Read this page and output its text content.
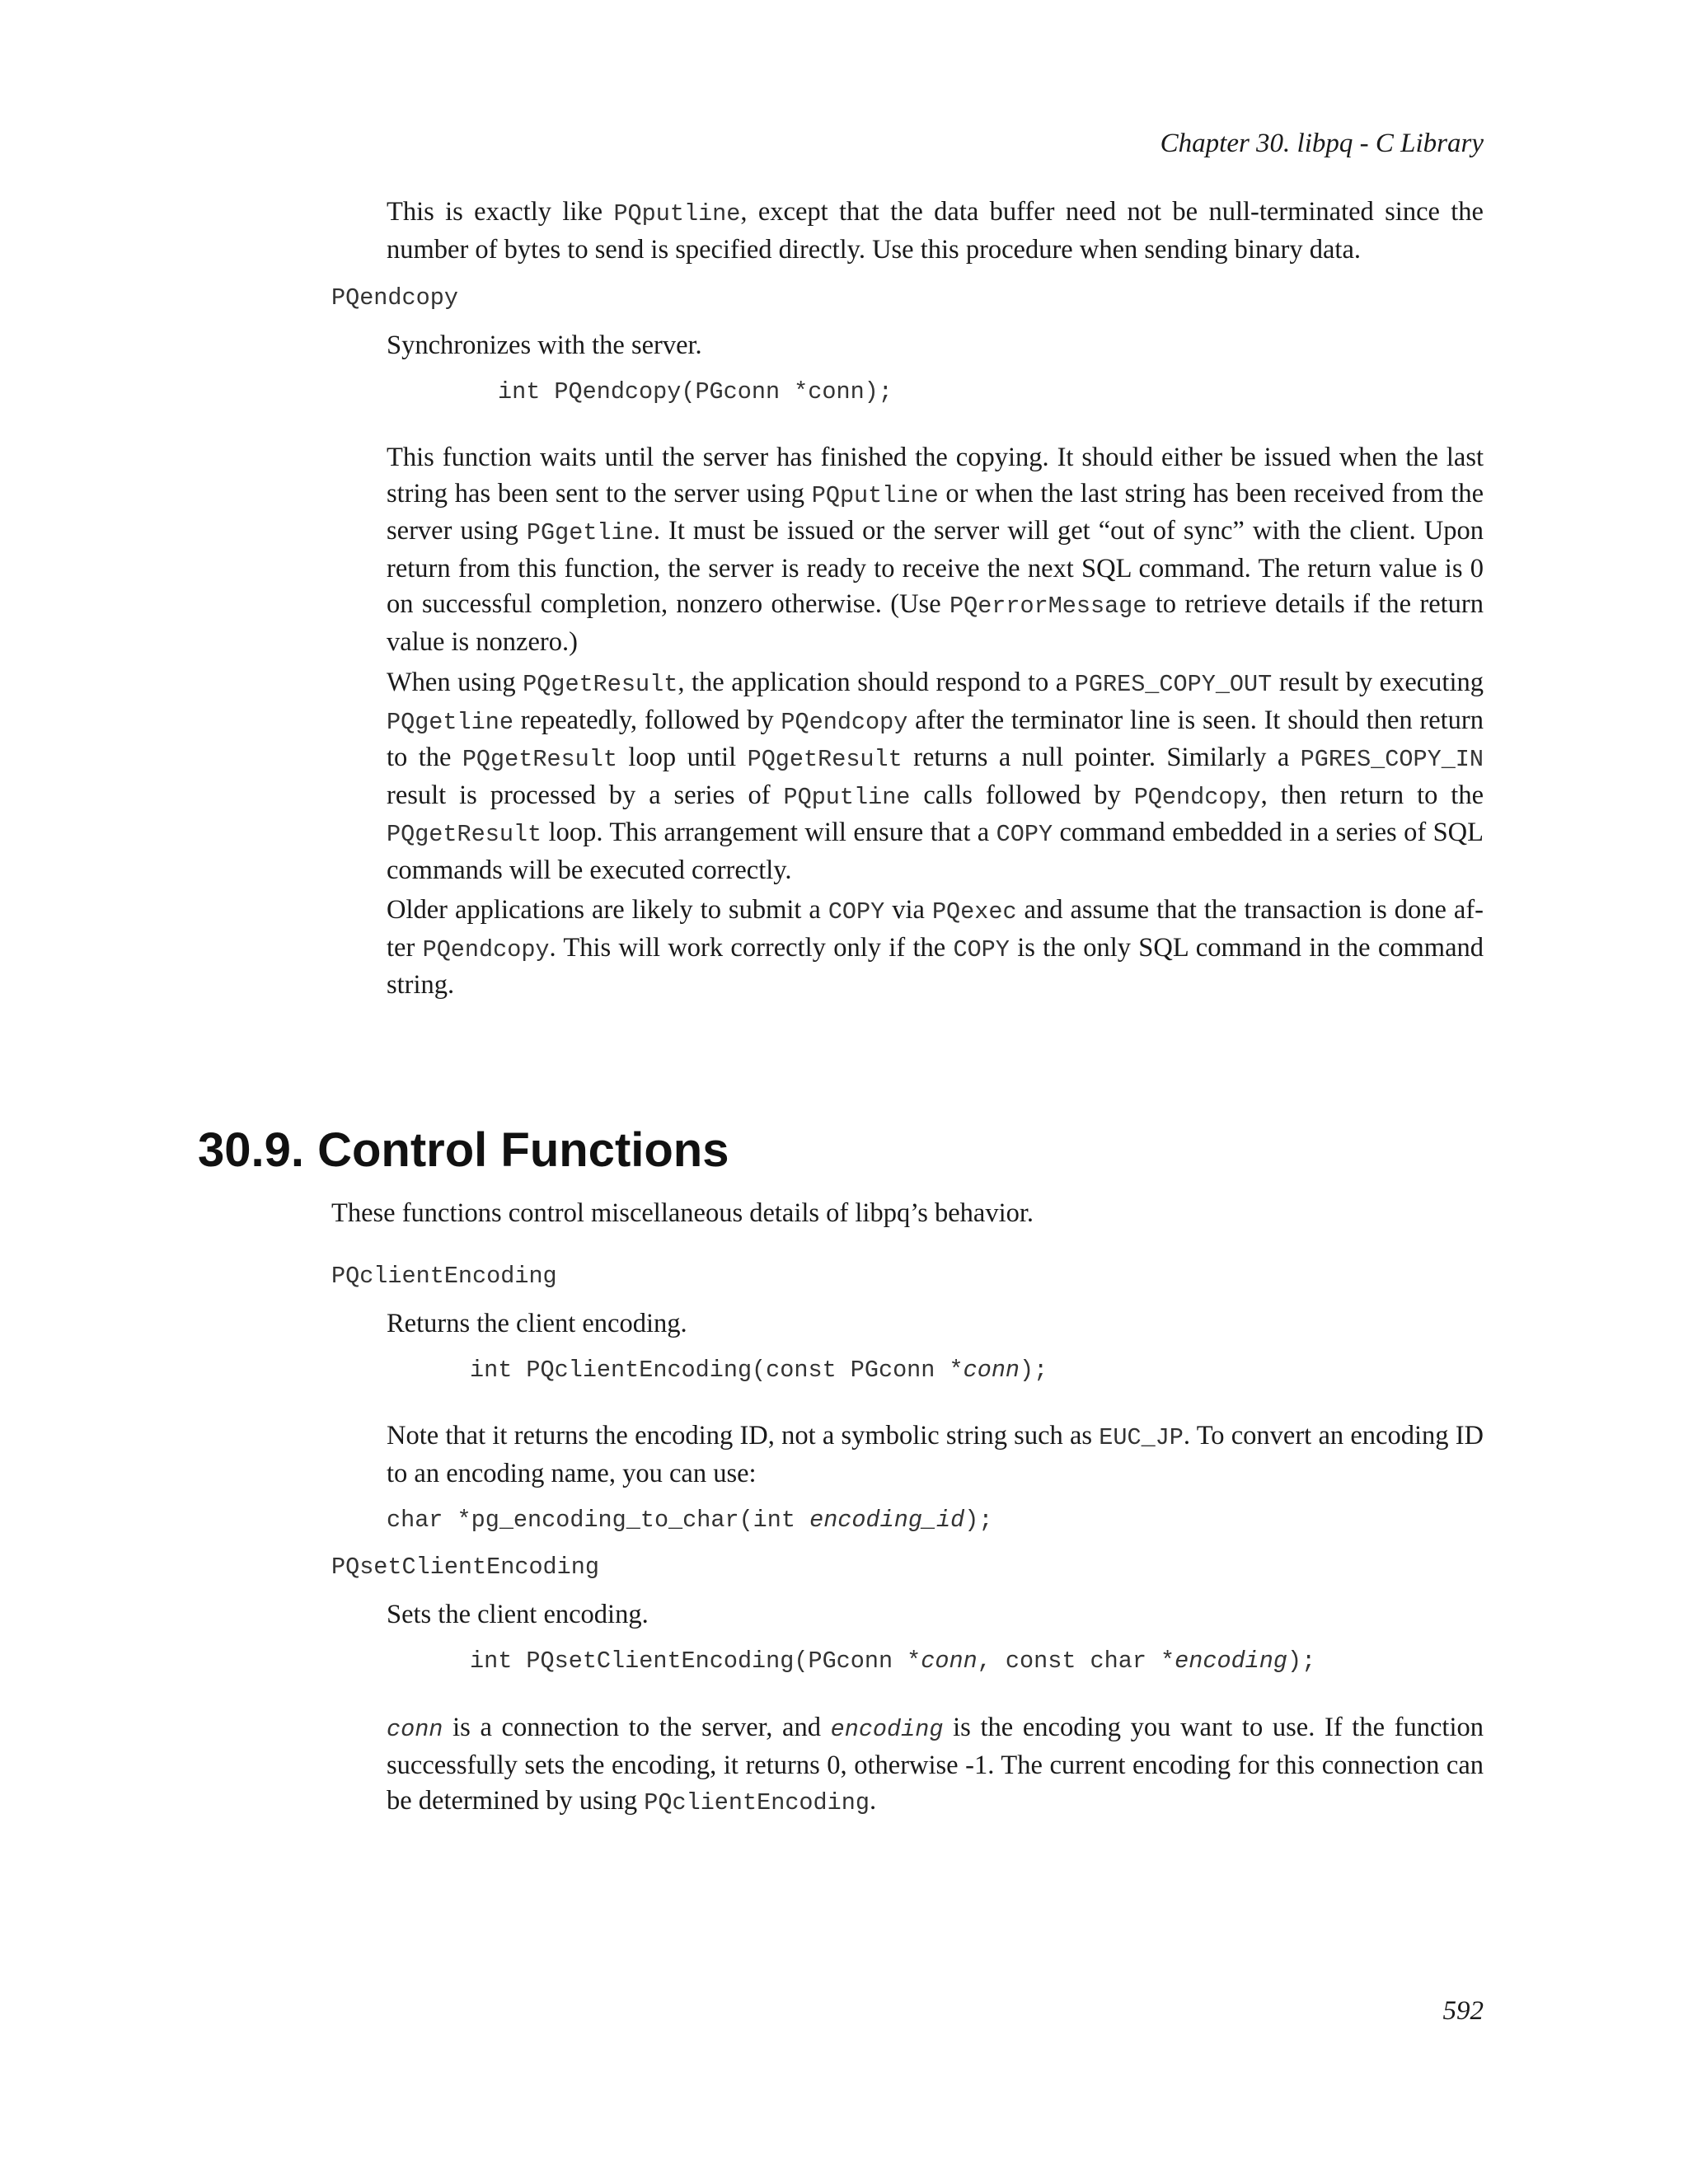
Chapter 30. libpq - C Library

This is exactly like PQputline, except that the data buffer need not be null-terminated since the number of bytes to send is specified directly. Use this procedure when sending binary data.

PQendcopy

Synchronizes with the server.

int PQendcopy(PGconn *conn);

This function waits until the server has finished the copying. It should either be issued when the last string has been sent to the server using PQputline or when the last string has been received from the server using PGgetline. It must be issued or the server will get “out of sync” with the client. Upon return from this function, the server is ready to receive the next SQL command. The return value is 0 on successful completion, nonzero otherwise. (Use PQerrorMessage to retrieve details if the return value is nonzero.)

When using PQgetResult, the application should respond to a PGRES_COPY_OUT result by executing PQgetline repeatedly, followed by PQendcopy after the terminator line is seen. It should then return to the PQgetResult loop until PQgetResult returns a null pointer. Similarly a PGRES_COPY_IN result is processed by a series of PQputline calls followed by PQendcopy, then return to the PQgetResult loop. This arrangement will ensure that a COPY command embedded in a series of SQL commands will be executed correctly.

Older applications are likely to submit a COPY via PQexec and assume that the transaction is done after PQendcopy. This will work correctly only if the COPY is the only SQL command in the command string.

30.9. Control Functions

These functions control miscellaneous details of libpq’s behavior.

PQclientEncoding

Returns the client encoding.

int PQclientEncoding(const PGconn *conn);

Note that it returns the encoding ID, not a symbolic string such as EUC_JP. To convert an encoding ID to an encoding name, you can use:

char *pg_encoding_to_char(int encoding_id);
PQsetClientEncoding

Sets the client encoding.

int PQsetClientEncoding(PGconn *conn, const char *encoding);

conn is a connection to the server, and encoding is the encoding you want to use. If the function successfully sets the encoding, it returns 0, otherwise -1. The current encoding for this connection can be determined by using PQclientEncoding.

592
